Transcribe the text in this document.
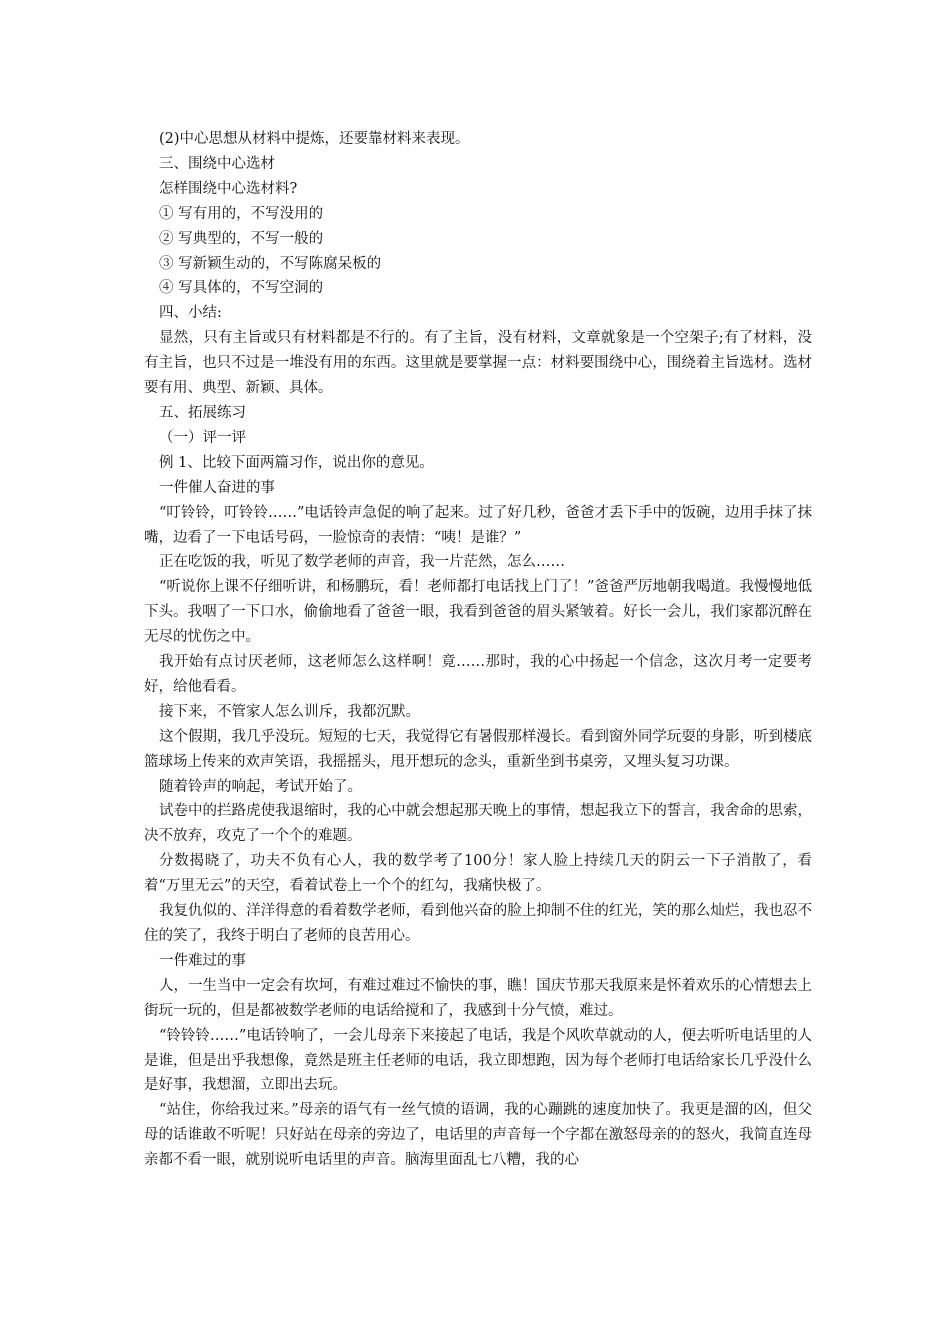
(2)中心思想从材料中提炼，还要靠材料来表现。

三、围绕中心选材

怎样围绕中心选材料?

① 写有用的，不写没用的

② 写典型的，不写一般的

③ 写新颖生动的，不写陈腐呆板的

④ 写具体的，不写空洞的

四、小结:

显然，只有主旨或只有材料都是不行的。有了主旨，没有材料，文章就象是一个空架子;有了材料，没有主旨，也只不过是一堆没有用的东西。这里就是要掌握一点：材料要围绕中心，围绕着主旨选材。选材要有用、典型、新颖、具体。

五、拓展练习

（一）评一评

例 1、比较下面两篇习作，说出你的意见。

一件催人奋进的事

“叮铃铃，叮铃铃……”电话铃声急促的响了起来。过了好几秒，爸爸才丢下手中的饭碗，边用手抹了抹嘴，边看了一下电话号码，一脸惊奇的表情：“咦！是谁？”

正在吃饭的我，听见了数学老师的声音，我一片茫然，怎么……

“听说你上课不仔细听讲，和杨鹏玩，看！老师都打电话找上门了！”爸爸严厉地朝我喝道。我慢慢地低下头。我咽了一下口水，偷偷地看了爸爸一眼，我看到爸爸的眉头紧皱着。好长一会儿，我们家都沉醉在无尽的忧伤之中。

我开始有点讨厌老师，这老师怎么这样啊！竟……那时，我的心中扬起一个信念，这次月考一定要考好，给他看看。

接下来，不管家人怎么训斥，我都沉默。

这个假期，我几乎没玩。短短的七天，我觉得它有暑假那样漫长。看到窗外同学玩耍的身影，听到楼底篮球场上传来的欢声笑语，我摇摇头，甩开想玩的念头，重新坐到书桌旁，又埋头复习功课。

随着铃声的响起，考试开始了。

试卷中的拦路虎使我退缩时，我的心中就会想起那天晚上的事情，想起我立下的誓言，我舍命的思索，决不放弃，攻克了一个个的难题。

分数揭晓了，功夫不负有心人，我的数学考了100分！家人脸上持续几天的阴云一下子消散了，看着“万里无云”的天空，看着试卷上一个个的红勾，我痛快极了。

我复仇似的、洋洋得意的看着数学老师，看到他兴奋的脸上抑制不住的红光，笑的那么灿烂，我也忍不住的笑了，我终于明白了老师的良苦用心。

一件难过的事

人，一生当中一定会有坎坷，有难过难过不愉快的事，瞧！国庆节那天我原来是怀着欢乐的心情想去上街玩一玩的，但是都被数学老师的电话给搅和了，我感到十分气愤，难过。

“铃铃铃……”电话铃响了，一会儿母亲下来接起了电话，我是个风吹草就动的人，便去听听电话里的人是谁，但是出乎我想像，竟然是班主任老师的电话，我立即想跑，因为每个老师打电话给家长几乎没什么是好事，我想溜，立即出去玩。

“站住，你给我过来。”母亲的语气有一丝气愤的语调，我的心蹦跳的速度加快了。我更是溜的凶，但父母的话谁敢不听呢！只好站在母亲的旁边了，电话里的声音每一个字都在激怒母亲的的怒火，我简直连母亲都不看一眼，就别说听电话里的声音。脑海里面乱七八糟，我的心
